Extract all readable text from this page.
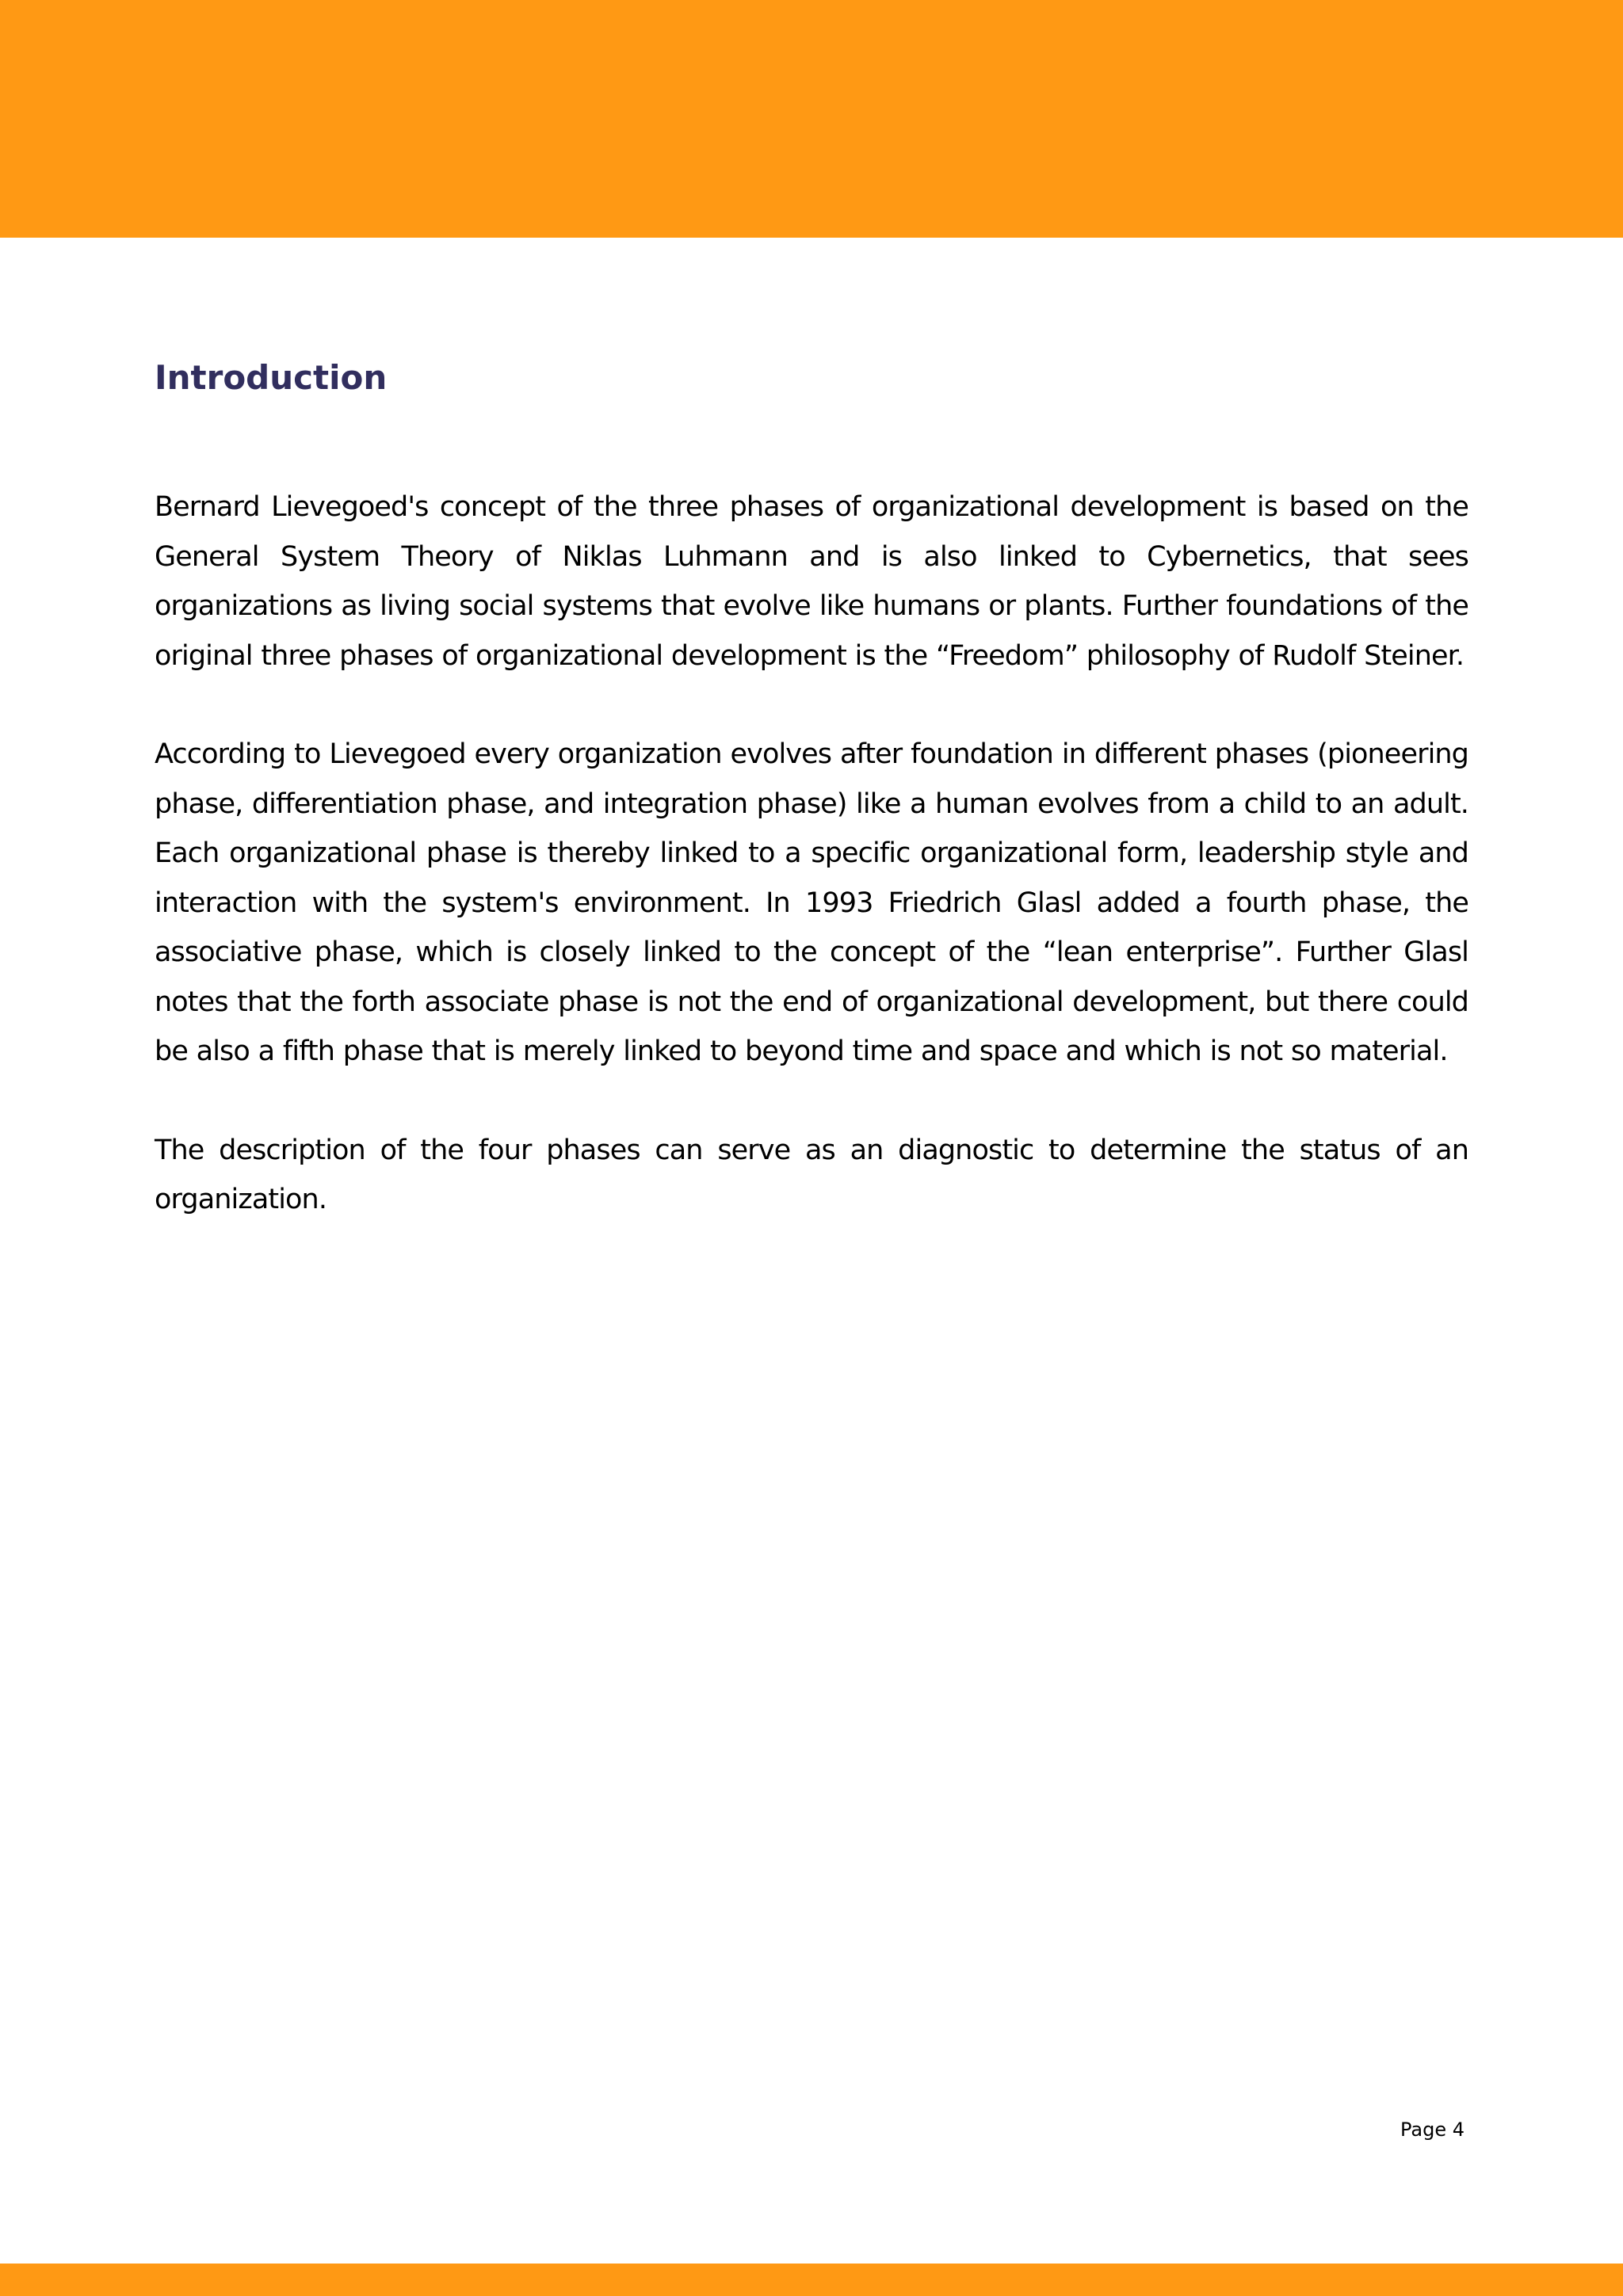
Introduction

Bernard Lievegoed's concept of the three phases of organizational development is based on the General System Theory of Niklas Luhmann and is also linked to Cybernetics, that sees organizations as living social systems that evolve like humans or plants. Further foundations of the original three phases of organizational development is the “Freedom” philosophy of Rudolf Steiner.

According to Lievegoed every organization evolves after foundation in different phases (pioneering phase, differentiation phase, and integration phase) like a human evolves from a child to an adult. Each organizational phase is thereby linked to a specific organizational form, leadership style and interaction with the system's environment. In 1993 Friedrich Glasl added a fourth phase, the associative phase, which is closely linked to the concept of the “lean enterprise”. Further Glasl notes that the forth associate phase is not the end of organizational development, but there could be also a fifth phase that is merely linked to beyond time and space and which is not so material.

The description of the four phases can serve as an diagnostic to determine the status of an organization.

Page 4
